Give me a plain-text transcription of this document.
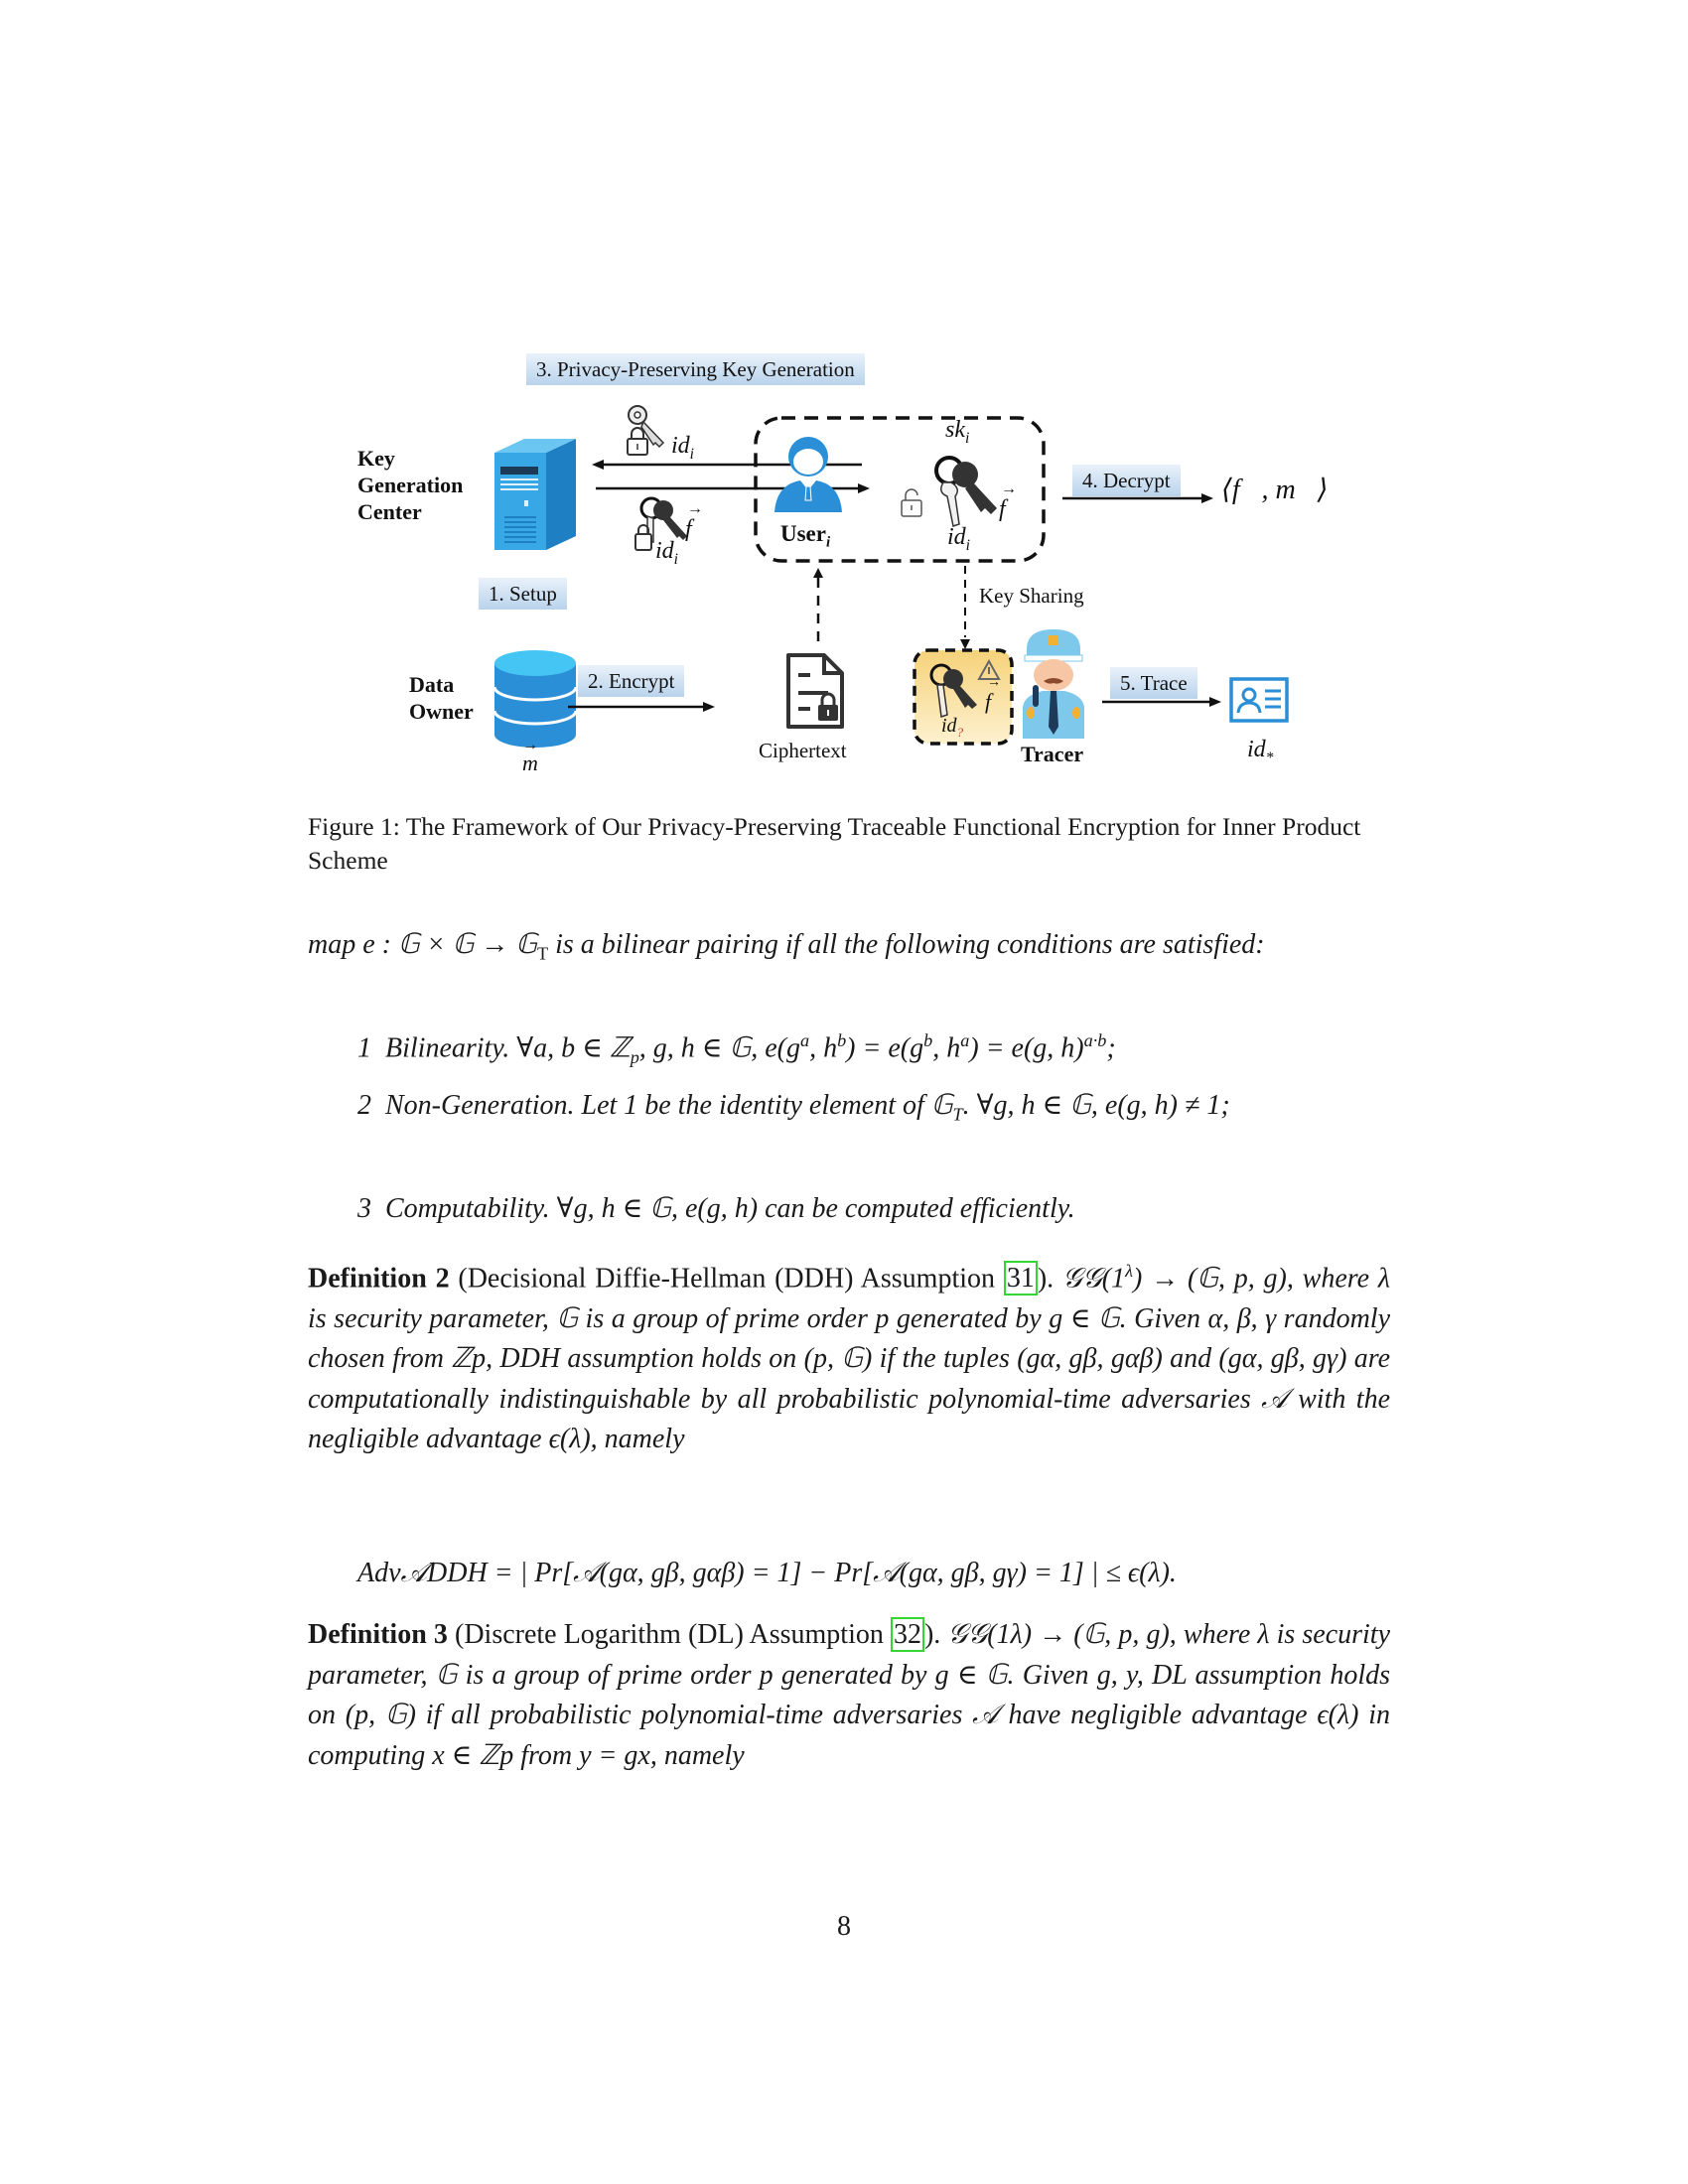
3. Privacy-Preserving Key Generation
Key
Generation
Center
$id_i$
→
f
$id_i$
User$_i$
$sk_i$
→
f
$id_i$
4. Decrypt	⟨f⃗, m⃗⟩
1. Setup	Key Sharing
Data
Owner
→
m
2. Encrypt
Ciphertext
→
f
$id_?$
Tracer
5. Trace
$id_*$
Figure 1: The Framework of Our Privacy-Preserving Traceable Functional Encryption for Inner Product Scheme
map e : 𝔾 × 𝔾 → 𝔾$_T$ is a bilinear pairing if all the following conditions are satisfied:
1 Bilinearity. ∀a, b ∈ ℤ$_p$, g, h ∈ 𝔾, $e(g^a$, $h^b) = e(g^b$, $h^a) = e(g$, h)$^{a\cdot b}$;
2 Non-Generation. Let 1 be the identity element of 𝔾$_T$. ∀g, h ∈ 𝔾, e(g, h) ≠ 1;
3 Computability. ∀g, h ∈ 𝔾, e(g, h) can be computed efficiently.
Definition 2 (Decisional Diffie-Hellman (DDH) Assumption 31 ). $𝒢𝒢(1^\lambda)$ → (𝔾, p, g), where λ is security parameter, 𝔾 is a group of prime order p generated by g ∈ 𝔾. Given α, β, γ randomly chosen from ℤp, DDH assumption holds on (p, 𝔾) if the tuples (gα, gβ, gαβ) and (gα, gβ, gγ) are computationally indistinguishable by all probabilistic polynomial-time adversaries 𝒜 with the negligible advantage ϵ(λ), namely
Adv𝒜DDH = | Pr[𝒜(gα, gβ, gαβ) = 1] − Pr[𝒜(gα, gβ, gγ) = 1] | ≤ ϵ(λ).
Definition 3 (Discrete Logarithm (DL) Assumption 32 ). 𝒢𝒢(1λ) → (𝔾, p, g), where λ is security parameter, 𝔾 is a group of prime order p generated by g ∈ 𝔾. Given g, y, DL assumption holds on (p, 𝔾) if all probabilistic polynomial-time adversaries 𝒜 have negligible advantage ϵ(λ) in computing x ∈ ℤp from y = gx, namely
8
